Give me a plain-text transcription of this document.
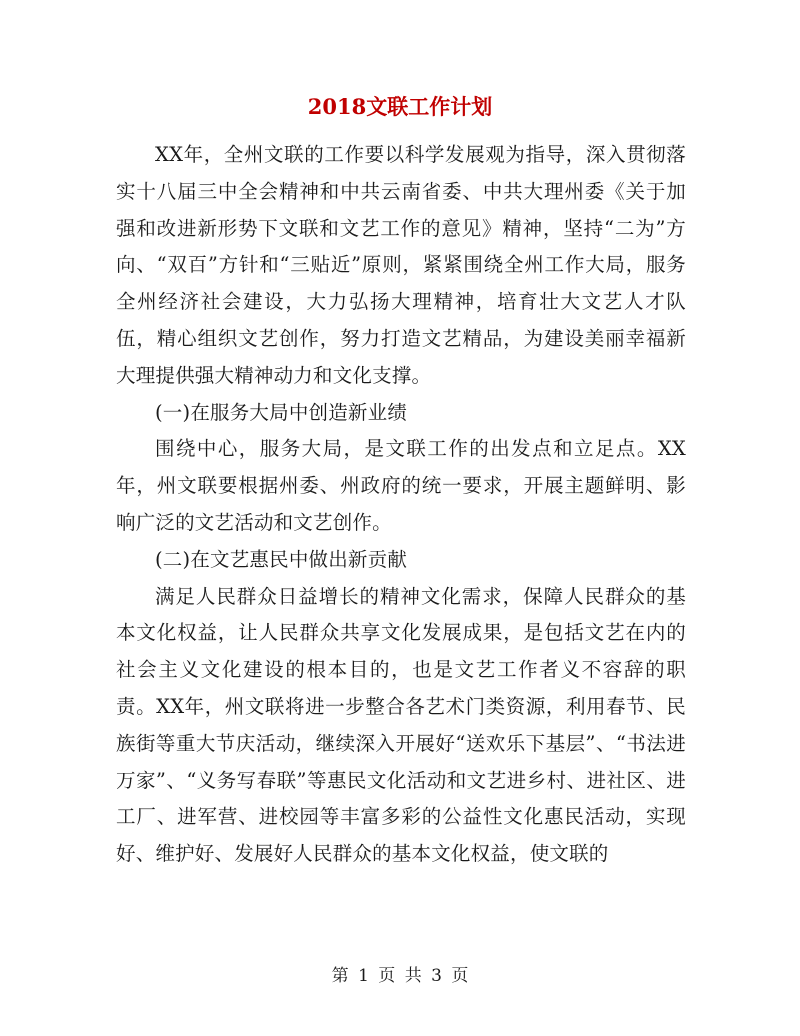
2018文联工作计划

XX年，全州文联的工作要以科学发展观为指导，深入贯彻落实十八届三中全会精神和中共云南省委、中共大理州委《关于加强和改进新形势下文联和文艺工作的意见》精神，坚持“二为”方向、“双百”方针和“三贴近”原则，紧紧围绕全州工作大局，服务全州经济社会建设，大力弘扬大理精神，培育壮大文艺人才队伍，精心组织文艺创作，努力打造文艺精品，为建设美丽幸福新大理提供强大精神动力和文化支撑。

(一)在服务大局中创造新业绩

围绕中心，服务大局，是文联工作的出发点和立足点。XX年，州文联要根据州委、州政府的统一要求，开展主题鲜明、影响广泛的文艺活动和文艺创作。

(二)在文艺惠民中做出新贡献

满足人民群众日益增长的精神文化需求，保障人民群众的基本文化权益，让人民群众共享文化发展成果，是包括文艺在内的社会主义文化建设的根本目的，也是文艺工作者义不容辞的职责。XX年，州文联将进一步整合各艺术门类资源，利用春节、民族街等重大节庆活动，继续深入开展好“送欢乐下基层”、“书法进万家”、“义务写春联”等惠民文化活动和文艺进乡村、进社区、进工厂、进军营、进校园等丰富多彩的公益性文化惠民活动，实现好、维护好、发展好人民群众的基本文化权益，使文联的

第 1 页 共 3 页
